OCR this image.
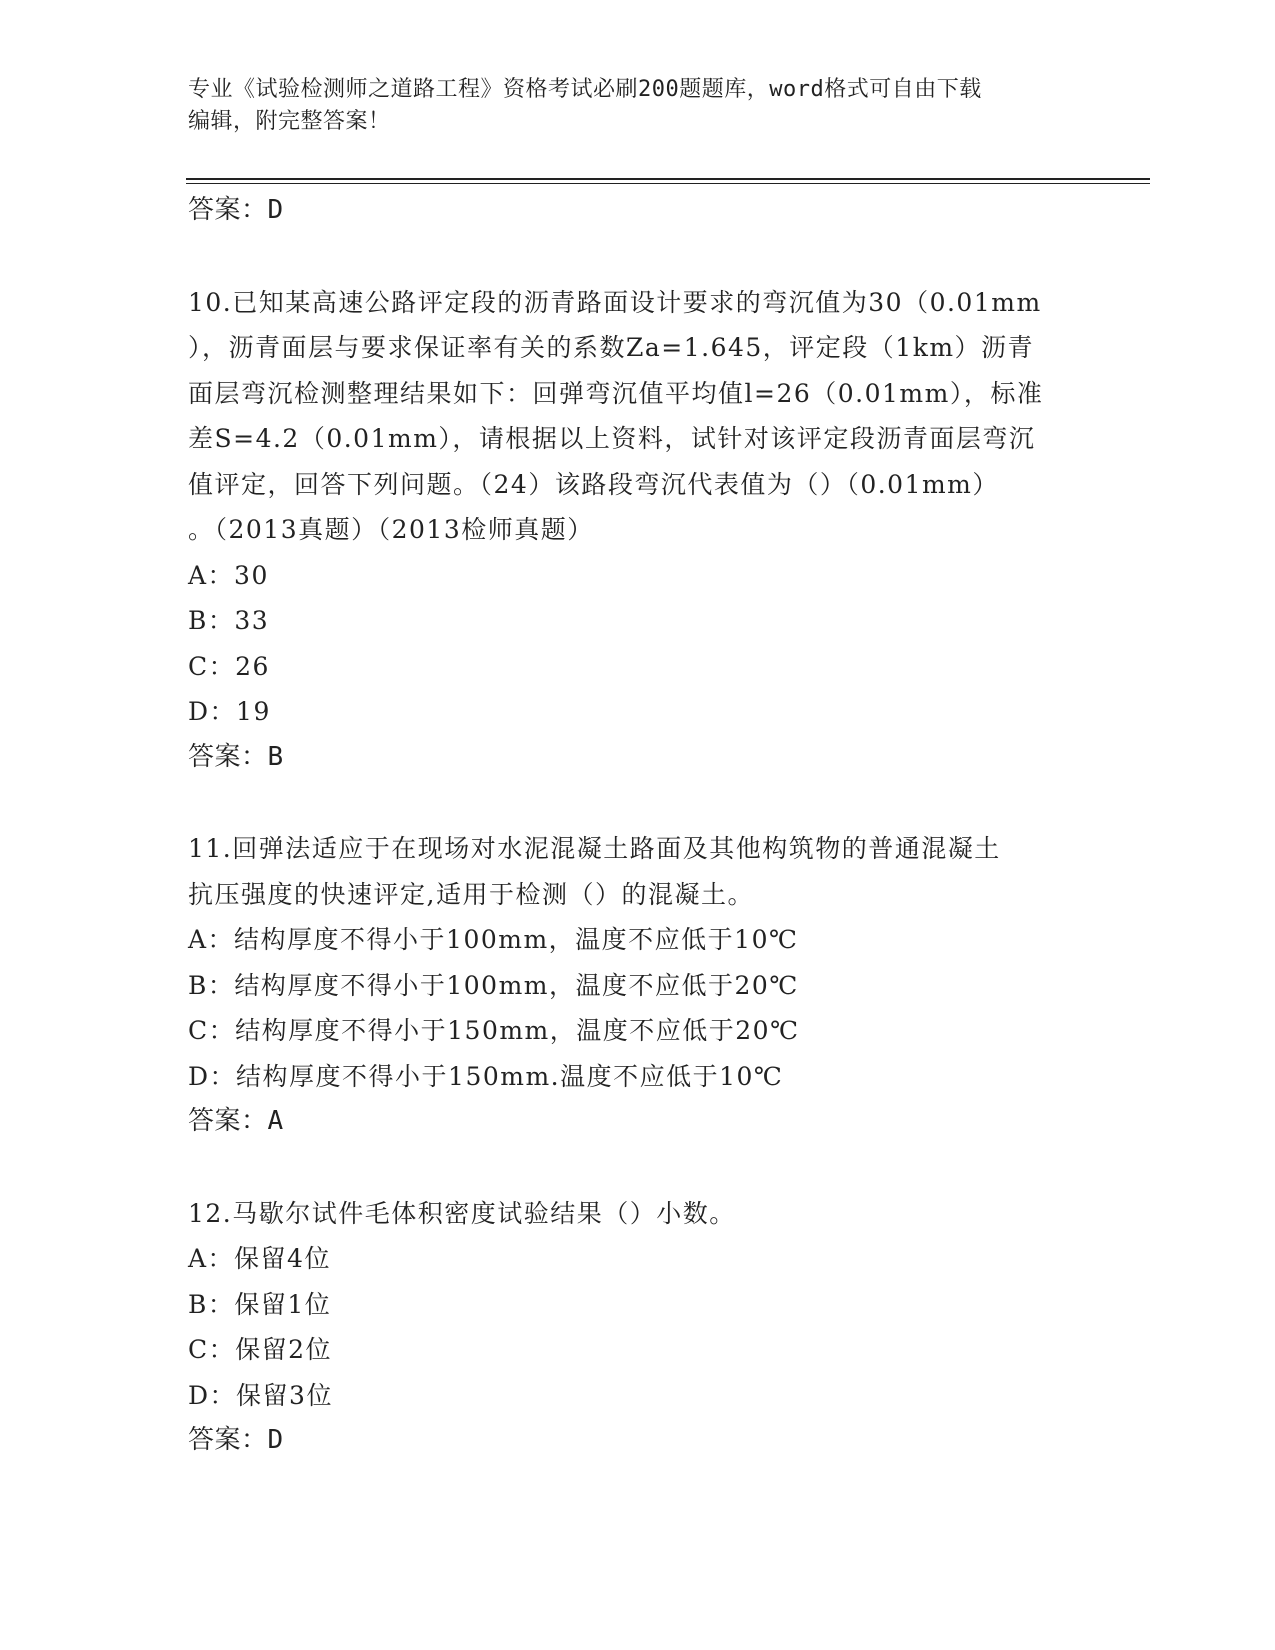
专业《试验检测师之道路工程》资格考试必刷200题题库，word格式可自由下载
编辑，附完整答案！
答案：D
10.已知某高速公路评定段的沥青路面设计要求的弯沉值为30（0.01mm
），沥青面层与要求保证率有关的系数Za=1.645，评定段（1km）沥青
面层弯沉检测整理结果如下：回弹弯沉值平均值l=26（0.01mm），标准
差S=4.2（0.01mm），请根据以上资料，试针对该评定段沥青面层弯沉
值评定，回答下列问题。（24）该路段弯沉代表值为（）（0.01mm）
。（2013真题）（2013检师真题）
A：30
B：33
C：26
D：19
答案：B
11.回弹法适应于在现场对水泥混凝土路面及其他构筑物的普通混凝土
抗压强度的快速评定,适用于检测（）的混凝土。
A：结构厚度不得小于100mm，温度不应低于10℃
B：结构厚度不得小于100mm，温度不应低于20℃
C：结构厚度不得小于150mm，温度不应低于20℃
D：结构厚度不得小于150mm.温度不应低于10℃
答案：A
12.马歇尔试件毛体积密度试验结果（）小数。
A：保留4位
B：保留1位
C：保留2位
D：保留3位
答案：D
